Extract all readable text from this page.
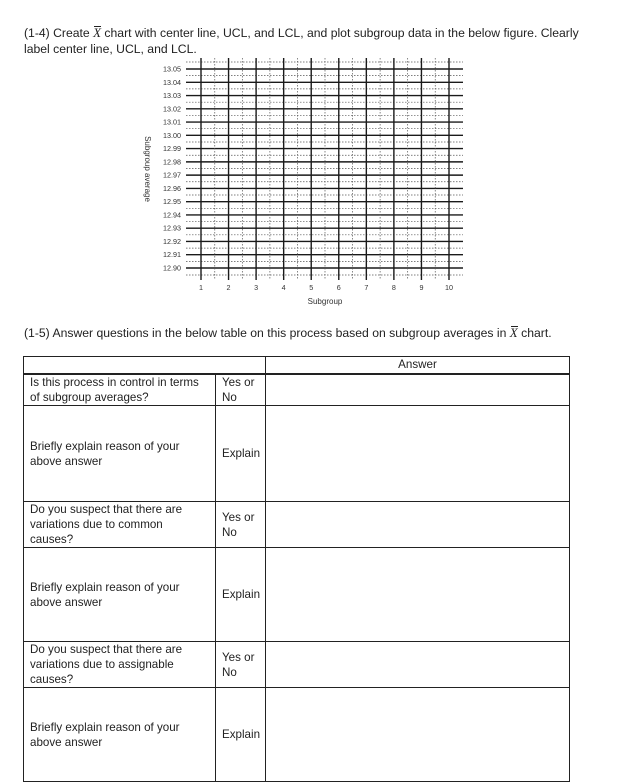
(1-4) Create X chart with center line, UCL, and LCL, and plot subgroup data in the below figure. Clearly label center line, UCL, and LCL.
13.05
13.04
13.03
13.02
13.01
13.00
12.99
12.98
12.97
12.96
12.95
12.94
12.93
12.92
12.91
12.90
1	2	3	4	5	6	7	8	9	10
Subgroup average
Subgroup
(1-5) Answer questions in the below table on this process based on subgroup averages in X chart.
		Answer
Is this process in control in terms of subgroup averages?	Yes or No	
Briefly explain reason of your above answer	Explain	
Do you suspect that there are variations due to common causes?	Yes or No	
Briefly explain reason of your above answer	Explain	
Do you suspect that there are variations due to assignable causes?	Yes or No	
Briefly explain reason of your above answer	Explain	
